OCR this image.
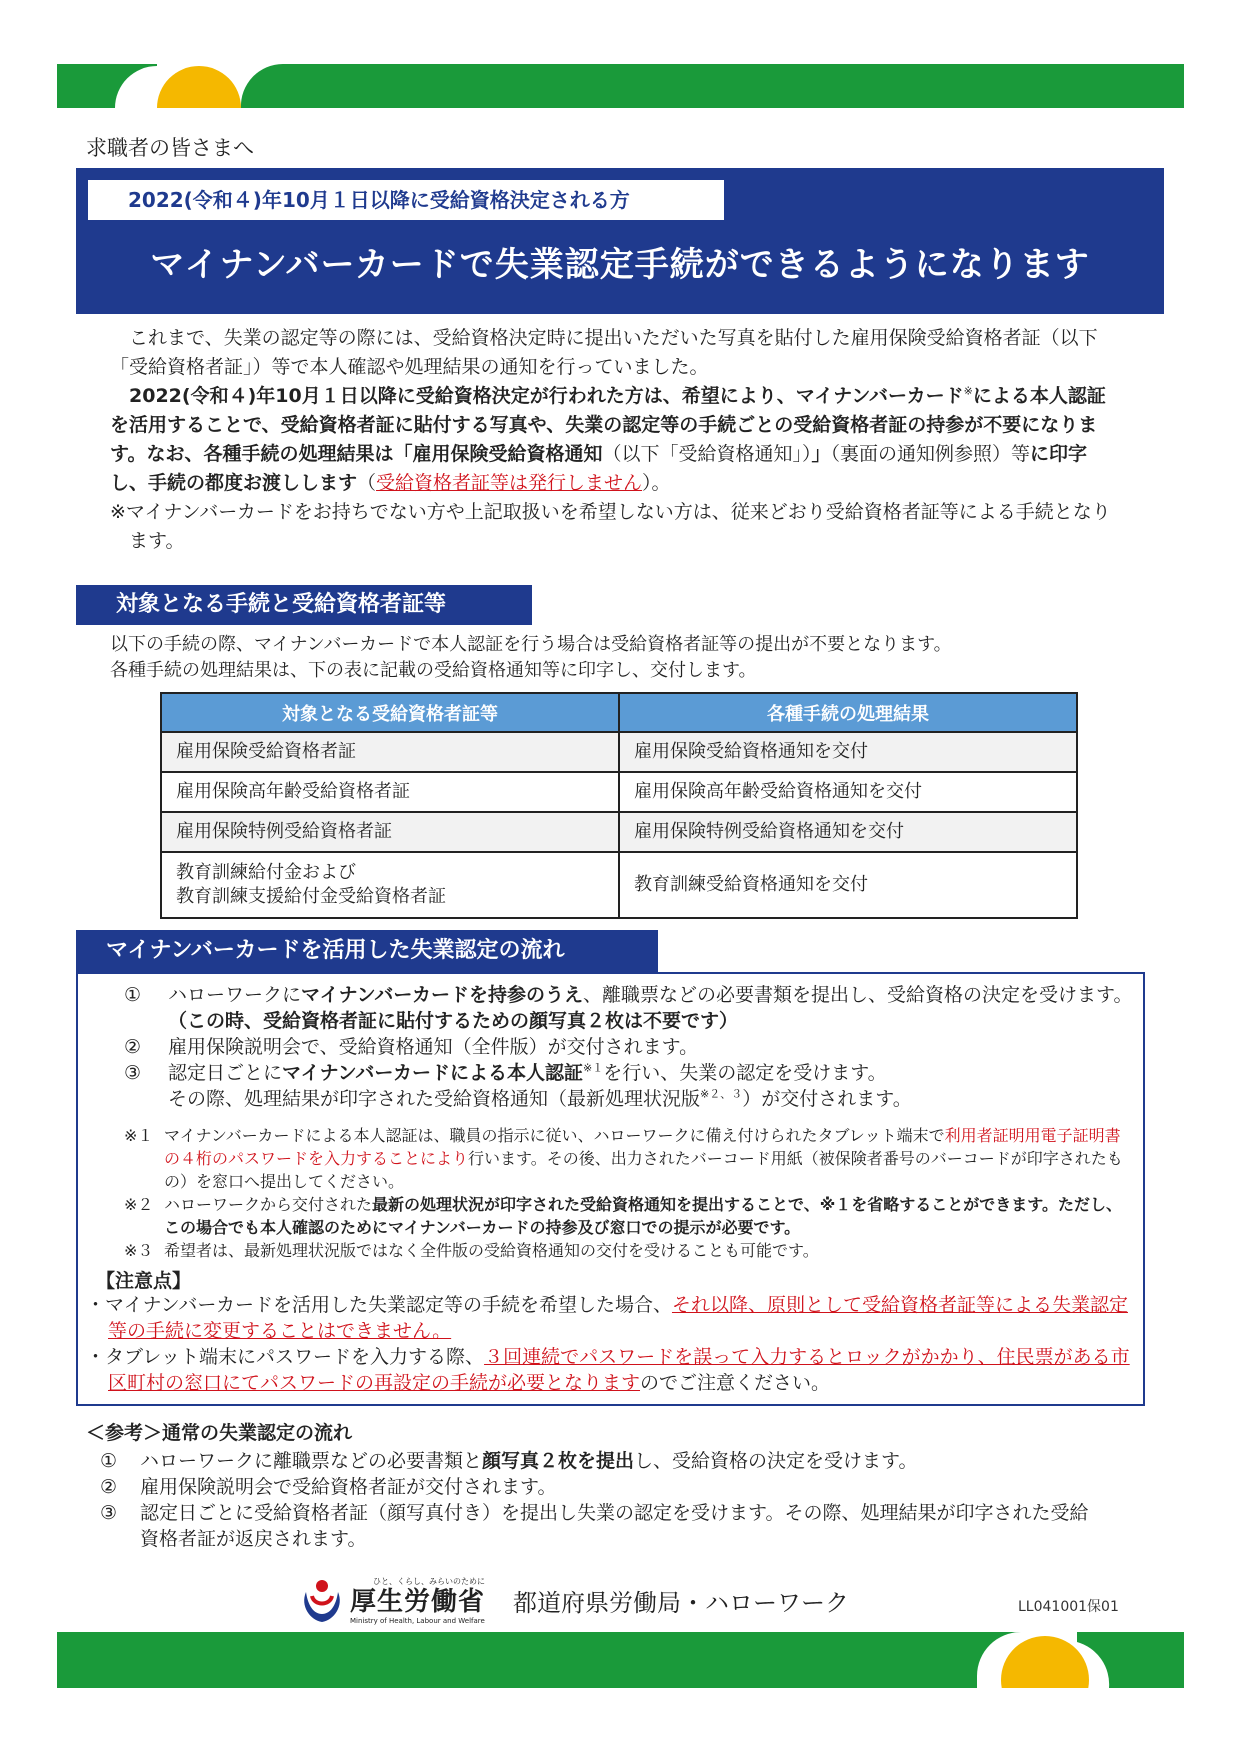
求職者の皆さまへ
2022(令和４)年10月１日以降に受給資格決定される方
マイナンバーカードで失業認定手続ができるようになります

これまで、失業の認定等の際には、受給資格決定時に提出いただいた写真を貼付した雇用保険受給資格者証（以下「受給資格者証」）等で本人確認や処理結果の通知を行っていました。

2022(令和４)年10月１日以降に受給資格決定が行われた方は、希望により、マイナンバーカード※による本人認証を活用することで、受給資格者証に貼付する写真や、失業の認定等の手続ごとの受給資格者証の持参が不要になります。なお、各種手続の処理結果は「雇用保険受給資格通知（以下「受給資格通知」）」（裏面の通知例参照）等に印字し、手続の都度お渡しします（受給資格者証等は発行しません）。

※マイナンバーカードをお持ちでない方や上記取扱いを希望しない方は、従来どおり受給資格者証等による手続となります。

対象となる手続と受給資格者証等
以下の手続の際、マイナンバーカードで本人認証を行う場合は受給資格者証等の提出が不要となります。
各種手続の処理結果は、下の表に記載の受給資格通知等に印字し、交付します。
対象となる受給資格者証等	各種手続の処理結果
雇用保険受給資格者証	雇用保険受給資格通知を交付
雇用保険高年齢受給資格者証	雇用保険高年齢受給資格通知を交付
雇用保険特例受給資格者証	雇用保険特例受給資格通知を交付

教育訓練給付金および
教育訓練支援給付金受給資格者証	教育訓練受給資格通知を交付
①	ハローワークにマイナンバーカードを持参のうえ、離職票などの必要書類を提出し、受給資格の決定を受けます。（この時、受給資格者証に貼付するための顔写真２枚は不要です）
②	雇用保険説明会で、受給資格通知（全件版）が交付されます。
③	認定日ごとにマイナンバーカードによる本人認証$^{※1}$を行い、失業の認定を受けます。
その際、処理結果が印字された受給資格通知（最新処理状況版$^{※2、3}$）が交付されます。
※１ マイナンバーカードによる本人認証は、職員の指示に従い、ハローワークに備え付けられたタブレット端末で利用者証明用電子証明書の４桁のパスワードを入力することにより行います。その後、出力されたバーコード用紙（被保険者番号のバーコードが印字されたもの）を窓口へ提出してください。
※２ ハローワークから交付された最新の処理状況が印字された受給資格通知を提出することで、※１を省略することができます。ただし、この場合でも本人確認のためにマイナンバーカードの持参及び窓口での提示が必要です。
※３ 希望者は、最新処理状況版ではなく全件版の受給資格通知の交付を受けることも可能です。
【注意点】
・マイナンバーカードを活用した失業認定等の手続を希望した場合、それ以降、原則として受給資格者証等による失業認定等の手続に変更することはできません。
・タブレット端末にパスワードを入力する際、３回連続でパスワードを誤って入力するとロックがかかり、住民票がある市区町村の窓口にてパスワードの再設定の手続が必要となりますのでご注意ください。
マイナンバーカードを活用した失業認定の流れ
＜参考＞通常の失業認定の流れ
①	ハローワークに離職票などの必要書類と顔写真２枚を提出し、受給資格の決定を受けます。
②	雇用保険説明会で受給資格者証が交付されます。
③	認定日ごとに受給資格者証（顔写真付き）を提出し失業の認定を受けます。その際、処理結果が印字された受給資格者証が返戻されます。
ひと、くらし、みらいのために
厚生労働省
Ministry of Health, Labour and Welfare
都道府県労働局・ハローワーク	LL041001保01
